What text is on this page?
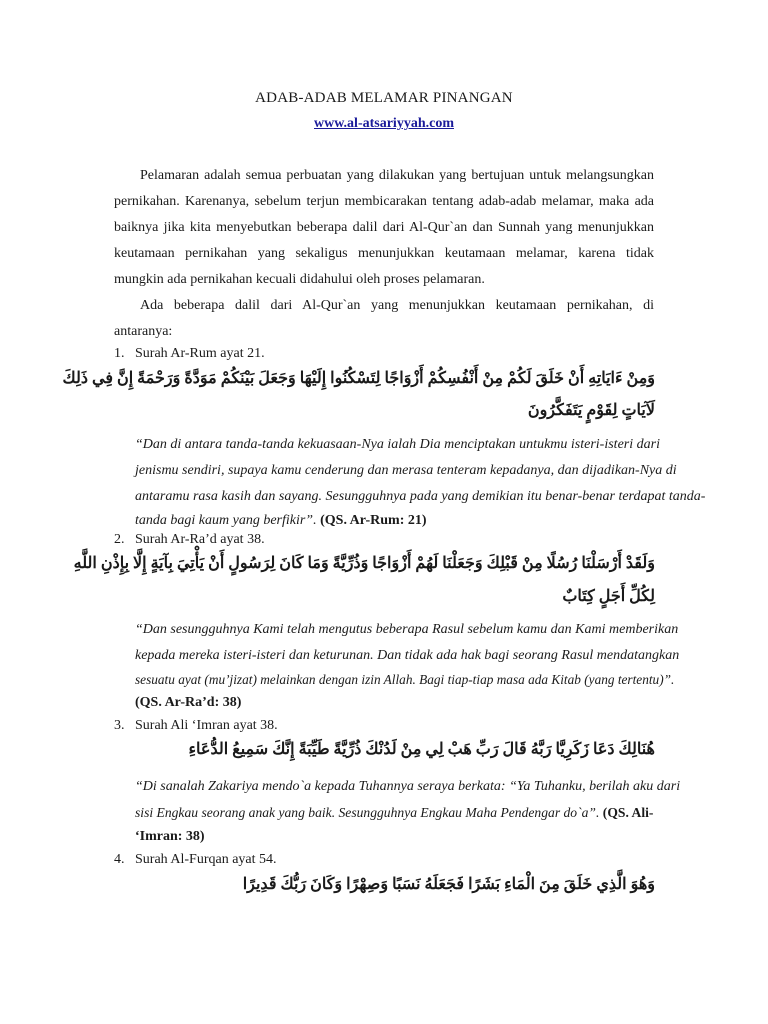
ADAB-ADAB MELAMAR PINANGAN
www.al-atsariyyah.com
Pelamaran adalah semua perbuatan yang dilakukan yang bertujuan untuk melangsungkan
pernikahan. Karenanya, sebelum terjun membicarakan tentang adab-adab melamar, maka ada
baiknya jika kita menyebutkan beberapa dalil dari Al-Qur`an dan Sunnah yang menunjukkan
keutamaan pernikahan yang sekaligus menunjukkan keutamaan melamar, karena tidak
mungkin ada pernikahan kecuali didahului oleh proses pelamaran.
Ada beberapa dalil dari Al-Qur`an yang menunjukkan keutamaan pernikahan, di
antaranya:
1. Surah Ar-Rum ayat 21.
وَمِنْ ءَايَاتِهِ أَنْ خَلَقَ لَكُمْ مِنْ أَنْفُسِكُمْ أَزْوَاجًا لِتَسْكُنُوا إِلَيْهَا وَجَعَلَ بَيْنَكُمْ مَوَدَّةً وَرَحْمَةً إِنَّ فِي ذَلِكَ
لَآيَاتٍ لِقَوْمٍ يَتَفَكَّرُونَ
“Dan di antara tanda-tanda kekuasaan-Nya ialah Dia menciptakan untukmu isteri-isteri dari
jenismu sendiri, supaya kamu cenderung dan merasa tenteram kepadanya, dan dijadikan-Nya di
antaramu rasa kasih dan sayang. Sesungguhnya pada yang demikian itu benar-benar terdapat tanda-
tanda bagi kaum yang berfikir”. (QS. Ar-Rum: 21)
2. Surah Ar-Ra’d ayat 38.
وَلَقَدْ أَرْسَلْنَا رُسُلًا مِنْ قَبْلِكَ وَجَعَلْنَا لَهُمْ أَزْوَاجًا وَذُرِّيَّةً وَمَا كَانَ لِرَسُولٍ أَنْ يَأْتِيَ بِآيَةٍ إِلَّا بِإِذْنِ اللَّهِ
لِكُلِّ أَجَلٍ كِتَابٌ
“Dan sesungguhnya Kami telah mengutus beberapa Rasul sebelum kamu dan Kami memberikan
kepada mereka isteri-isteri dan keturunan. Dan tidak ada hak bagi seorang Rasul mendatangkan
sesuatu ayat (mu’jizat) melainkan dengan izin Allah. Bagi tiap-tiap masa ada Kitab (yang tertentu)”.
(QS. Ar-Ra’d: 38)
3. Surah Ali ‘Imran ayat 38.
هُنَالِكَ دَعَا زَكَرِيَّا رَبَّهُ قَالَ رَبِّ هَبْ لِي مِنْ لَدُنْكَ ذُرِّيَّةً طَيِّبَةً إِنَّكَ سَمِيعُ الدُّعَاءِ
“Di sanalah Zakariya mendo`a kepada Tuhannya seraya berkata: “Ya Tuhanku, berilah aku dari
sisi Engkau seorang anak yang baik. Sesungguhnya Engkau Maha Pendengar do`a”. (QS. Ali-
‘Imran: 38)
4. Surah Al-Furqan ayat 54.
وَهُوَ الَّذِي خَلَقَ مِنَ الْمَاءِ بَشَرًا فَجَعَلَهُ نَسَبًا وَصِهْرًا وَكَانَ رَبُّكَ قَدِيرًا
